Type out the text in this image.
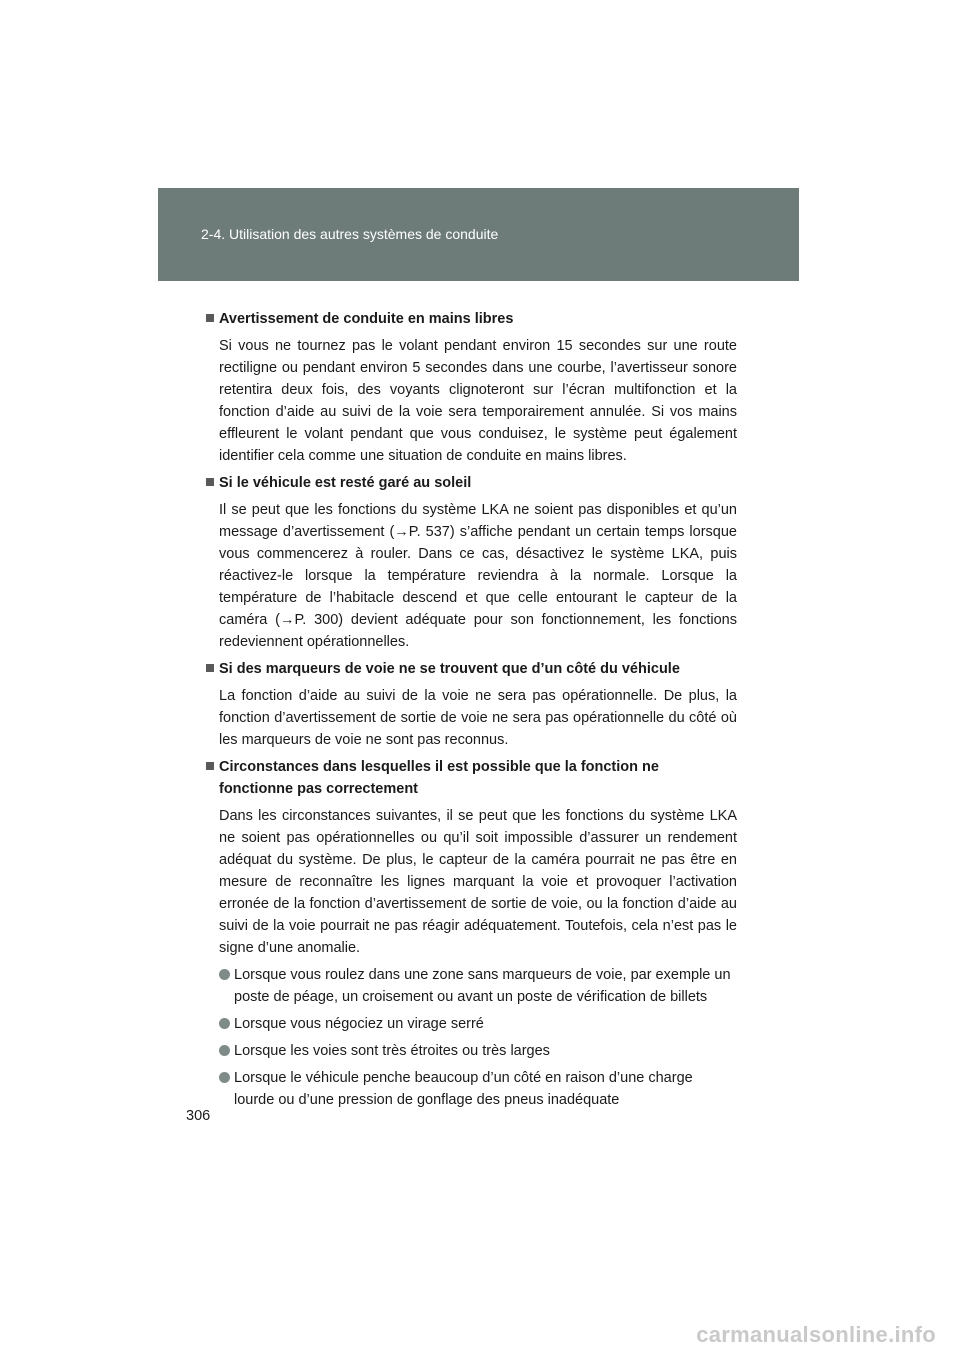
2-4. Utilisation des autres systèmes de conduite
Avertissement de conduite en mains libres
Si vous ne tournez pas le volant pendant environ 15 secondes sur une route rectiligne ou pendant environ 5 secondes dans une courbe, l’avertisseur sonore retentira deux fois, des voyants clignoteront sur l’écran multifonction et la fonction d’aide au suivi de la voie sera temporairement annulée. Si vos mains effleurent le volant pendant que vous conduisez, le système peut également identifier cela comme une situation de conduite en mains libres.
Si le véhicule est resté garé au soleil
Il se peut que les fonctions du système LKA ne soient pas disponibles et qu’un message d’avertissement (→P. 537) s’affiche pendant un certain temps lorsque vous commencerez à rouler. Dans ce cas, désactivez le système LKA, puis réactivez-le lorsque la température reviendra à la normale. Lorsque la température de l’habitacle descend et que celle entourant le capteur de la caméra (→P. 300) devient adéquate pour son fonctionnement, les fonctions redeviennent opérationnelles.
Si des marqueurs de voie ne se trouvent que d’un côté du véhicule
La fonction d’aide au suivi de la voie ne sera pas opérationnelle. De plus, la fonction d’avertissement de sortie de voie ne sera pas opérationnelle du côté où les marqueurs de voie ne sont pas reconnus.
Circonstances dans lesquelles il est possible que la fonction ne fonctionne pas correctement
Dans les circonstances suivantes, il se peut que les fonctions du système LKA ne soient pas opérationnelles ou qu’il soit impossible d’assurer un rendement adéquat du système. De plus, le capteur de la caméra pourrait ne pas être en mesure de reconnaître les lignes marquant la voie et provoquer l’activation erronée de la fonction d’avertissement de sortie de voie, ou la fonction d’aide au suivi de la voie pourrait ne pas réagir adéquatement. Toutefois, cela n’est pas le signe d’une anomalie.
Lorsque vous roulez dans une zone sans marqueurs de voie, par exemple un poste de péage, un croisement ou avant un poste de vérification de billets
Lorsque vous négociez un virage serré
Lorsque les voies sont très étroites ou très larges
Lorsque le véhicule penche beaucoup d’un côté en raison d’une charge lourde ou d’une pression de gonflage des pneus inadéquate
306
carmanualsonline.info
